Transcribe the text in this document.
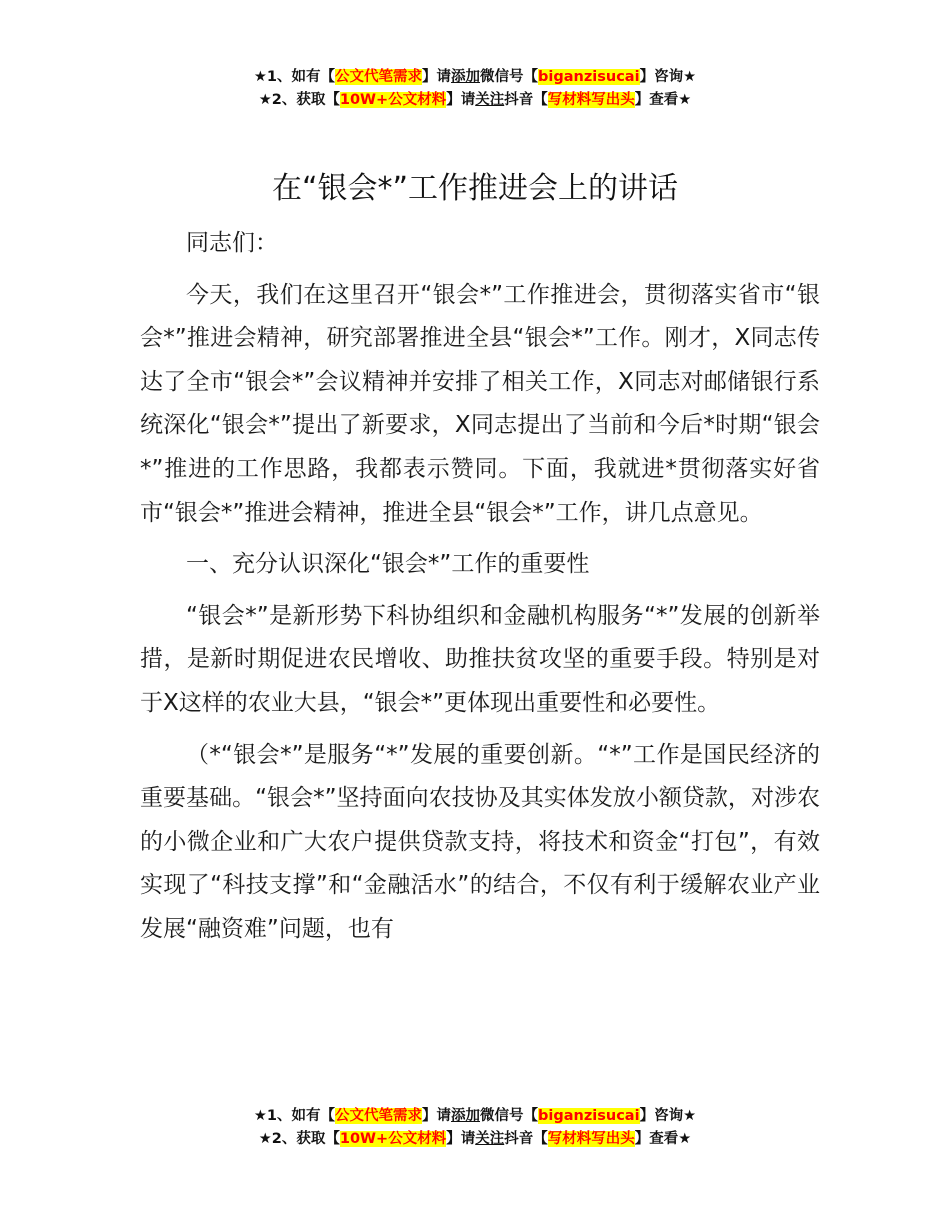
★1、如有【公文代笔需求】请添加微信号【biganzisucai】咨询★
★2、获取【10W+公文材料】请关注抖音【写材料写出头】查看★
在“银会*”工作推进会上的讲话

同志们：

今天，我们在这里召开“银会*”工作推进会，贯彻落实省市“银会*”推进会精神，研究部署推进全县“银会*”工作。刚才，X同志传达了全市“银会*”会议精神并安排了相关工作，X同志对邮储银行系统深化“银会*”提出了新要求，X同志提出了当前和今后*时期“银会*”推进的工作思路，我都表示赞同。下面，我就进*贯彻落实好省市“银会*”推进会精神，推进全县“银会*”工作，讲几点意见。

一、充分认识深化“银会*”工作的重要性

“银会*”是新形势下科协组织和金融机构服务“*”发展的创新举措，是新时期促进农民增收、助推扶贫攻坚的重要手段。特别是对于X这样的农业大县，“银会*”更体现出重要性和必要性。

（*“银会*”是服务“*”发展的重要创新。“*”工作是国民经济的重要基础。“银会*”坚持面向农技协及其实体发放小额贷款，对涉农的小微企业和广大农户提供贷款支持，将技术和资金“打包”，有效实现了“科技支撑”和“金融活水”的结合，不仅有利于缓解农业产业发展“融资难”问题，也有

★1、如有【公文代笔需求】请添加微信号【biganzisucai】咨询★
★2、获取【10W+公文材料】请关注抖音【写材料写出头】查看★
